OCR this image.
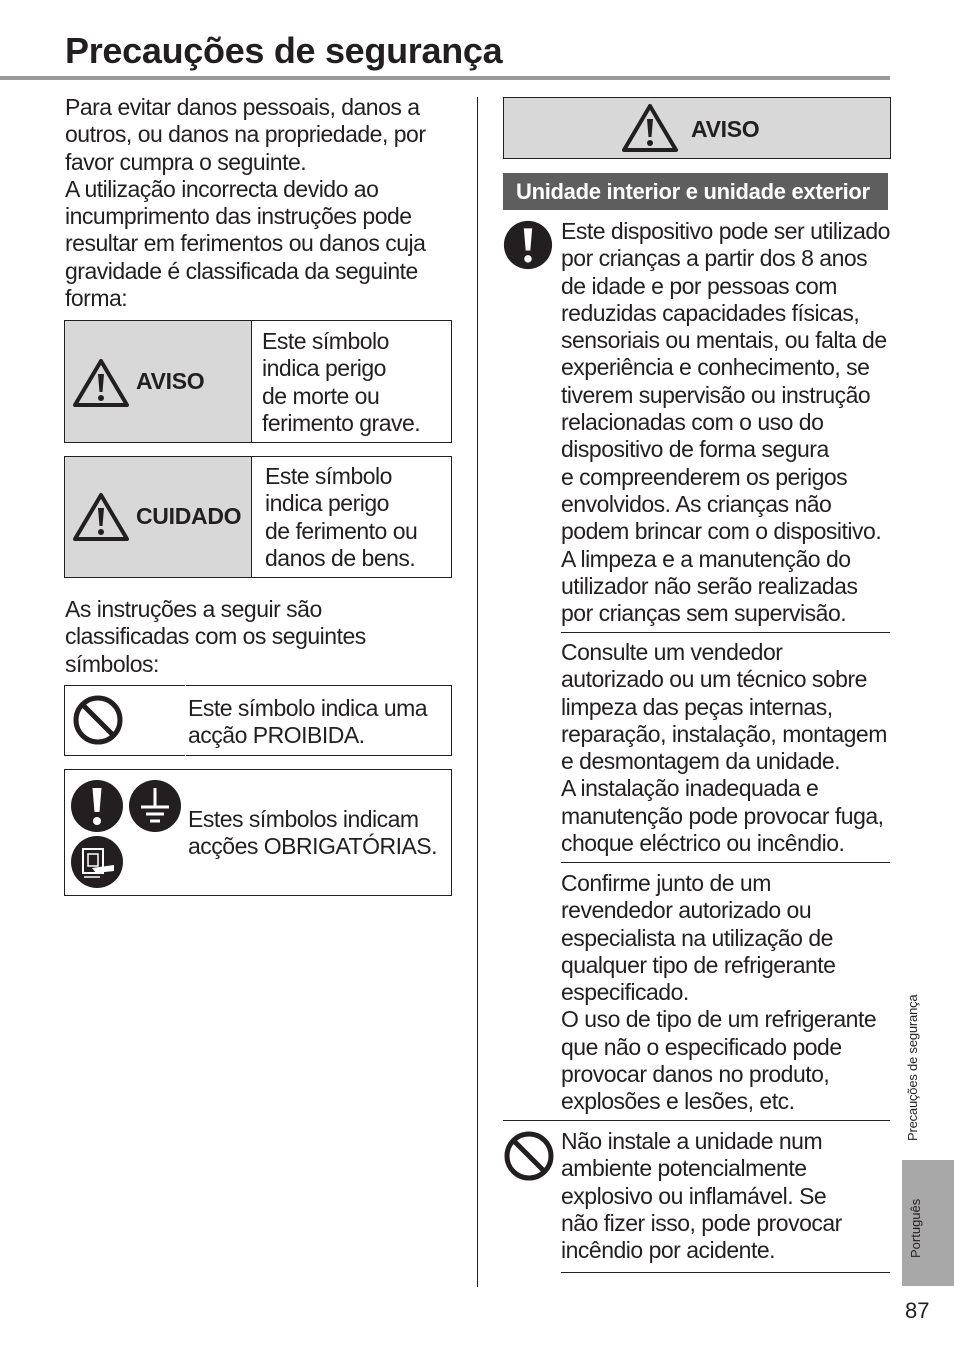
Precauções de segurança
Para evitar danos pessoais, danos a
outros, ou danos na propriedade, por
favor cumpra o seguinte.
A utilização incorrecta devido ao
incumprimento das instruções pode
resultar em ferimentos ou danos cuja
gravidade é classificada da seguinte
forma:
AVISO
Este símbolo
indica perigo
de morte ou
ferimento grave.
CUIDADO
Este símbolo
indica perigo
de ferimento ou
danos de bens.
As instruções a seguir são
classificadas com os seguintes
símbolos:
Este símbolo indica uma
acção PROIBIDA.
Estes símbolos indicam
acções OBRIGATÓRIAS.
AVISO
Unidade interior e unidade exterior
Este dispositivo pode ser utilizado
por crianças a partir dos 8 anos
de idade e por pessoas com
reduzidas capacidades físicas,
sensoriais ou mentais, ou falta de
experiência e conhecimento, se
tiverem supervisão ou instrução
relacionadas com o uso do
dispositivo de forma segura
e compreenderem os perigos
envolvidos. As crianças não
podem brincar com o dispositivo.
A limpeza e a manutenção do
utilizador não serão realizadas
por crianças sem supervisão.
Consulte um vendedor
autorizado ou um técnico sobre
limpeza das peças internas,
reparação, instalação, montagem
e desmontagem da unidade.
A instalação inadequada e
manutenção pode provocar fuga,
choque eléctrico ou incêndio.
Confirme junto de um
revendedor autorizado ou
especialista na utilização de
qualquer tipo de refrigerante
especificado.
O uso de tipo de um refrigerante
que não o especificado pode
provocar danos no produto,
explosões e lesões, etc.
Não instale a unidade num
ambiente potencialmente
explosivo ou inflamável. Se
não fizer isso, pode provocar
incêndio por acidente.
Precauções de segurança
Português
87
